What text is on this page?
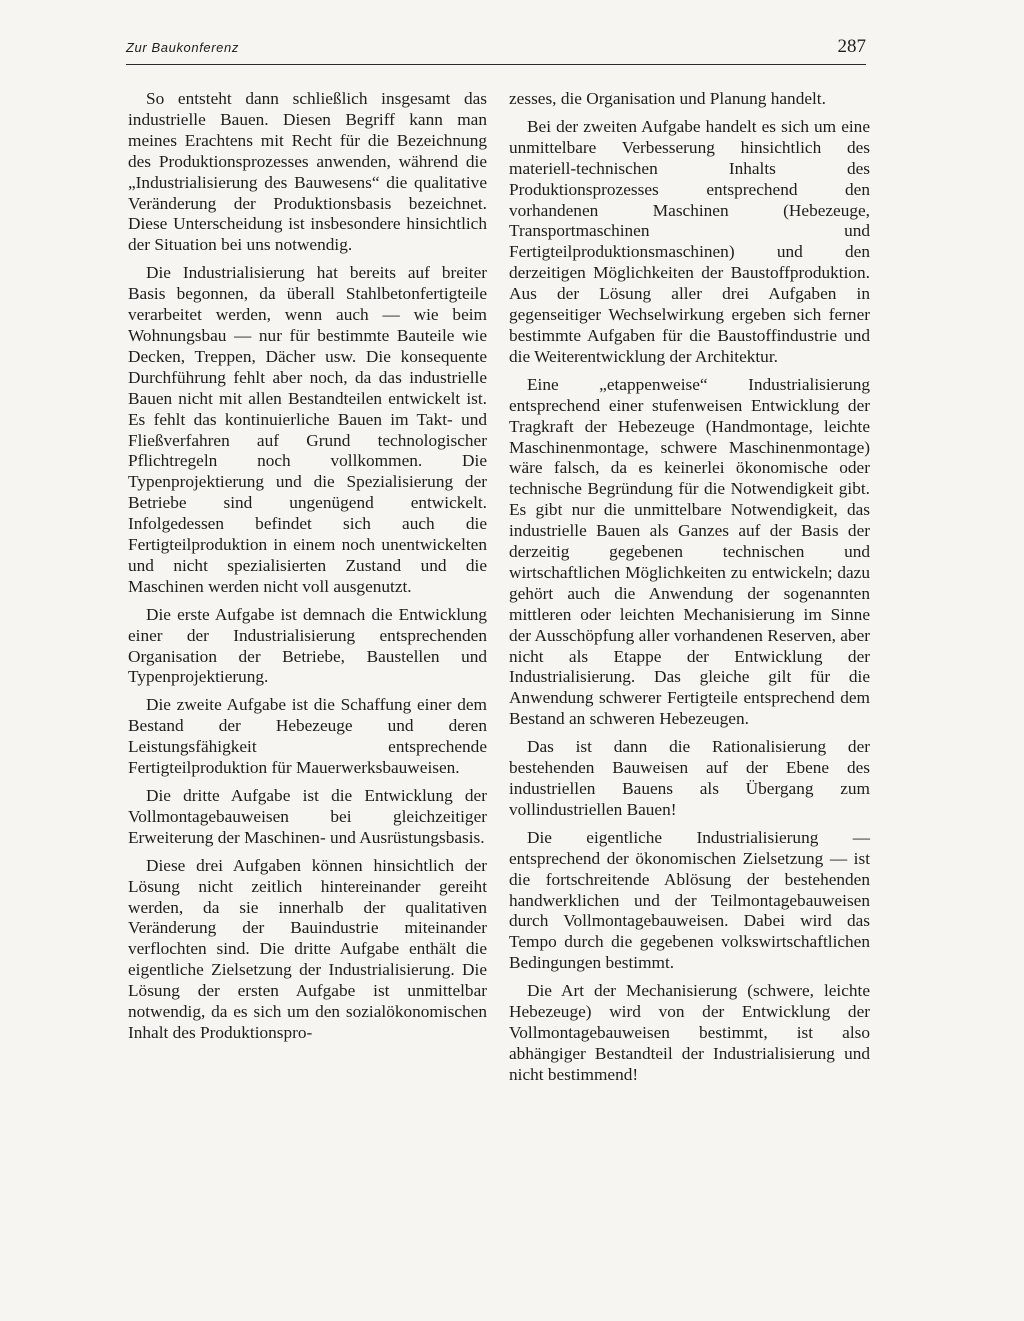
Zur Baukonferenz	287

So entsteht dann schließlich insgesamt das industrielle Bauen. Diesen Begriff kann man meines Erachtens mit Recht für die Bezeichnung des Produktionsprozesses anwenden, während die „Industrialisierung des Bauwesens“ die qualitative Veränderung der Produktionsbasis bezeichnet. Diese Unterscheidung ist insbesondere hinsichtlich der Situation bei uns notwendig.

Die Industrialisierung hat bereits auf breiter Basis begonnen, da überall Stahlbetonfertigteile verarbeitet werden, wenn auch — wie beim Wohnungsbau — nur für bestimmte Bauteile wie Decken, Treppen, Dächer usw. Die konsequente Durchführung fehlt aber noch, da das industrielle Bauen nicht mit allen Bestandteilen entwickelt ist. Es fehlt das kontinuierliche Bauen im Takt- und Fließverfahren auf Grund technologischer Pflichtregeln noch vollkommen. Die Typenprojektierung und die Spezialisierung der Betriebe sind ungenügend entwickelt. Infolgedessen befindet sich auch die Fertigteilproduktion in einem noch unentwickelten und nicht spezialisierten Zustand und die Maschinen werden nicht voll ausgenutzt.

Die erste Aufgabe ist demnach die Entwicklung einer der Industrialisierung entsprechenden Organisation der Betriebe, Baustellen und Typenprojektierung.

Die zweite Aufgabe ist die Schaffung einer dem Bestand der Hebezeuge und deren Leistungsfähigkeit entsprechende Fertigteilproduktion für Mauerwerksbauweisen.

Die dritte Aufgabe ist die Entwicklung der Vollmontagebauweisen bei gleichzeitiger Erweiterung der Maschinen- und Ausrüstungsbasis.

Diese drei Aufgaben können hinsichtlich der Lösung nicht zeitlich hintereinander gereiht werden, da sie innerhalb der qualitativen Veränderung der Bauindustrie miteinander verflochten sind. Die dritte Aufgabe enthält die eigentliche Zielsetzung der Industrialisierung. Die Lösung der ersten Aufgabe ist unmittelbar notwendig, da es sich um den sozialökonomischen Inhalt des Produktionspro-

zesses, die Organisation und Planung handelt.

Bei der zweiten Aufgabe handelt es sich um eine unmittelbare Verbesserung hinsichtlich des materiell-technischen Inhalts des Produktionsprozesses entsprechend den vorhandenen Maschinen (Hebezeuge, Transportmaschinen und Fertigteilproduktionsmaschinen) und den derzeitigen Möglichkeiten der Baustoffproduktion. Aus der Lösung aller drei Aufgaben in gegenseitiger Wechselwirkung ergeben sich ferner bestimmte Aufgaben für die Baustoffindustrie und die Weiterentwicklung der Architektur.

Eine „etappenweise“ Industrialisierung entsprechend einer stufenweisen Entwicklung der Tragkraft der Hebezeuge (Handmontage, leichte Maschinenmontage, schwere Maschinenmontage) wäre falsch, da es keinerlei ökonomische oder technische Begründung für die Notwendigkeit gibt. Es gibt nur die unmittelbare Notwendigkeit, das industrielle Bauen als Ganzes auf der Basis der derzeitig gegebenen technischen und wirtschaftlichen Möglichkeiten zu entwickeln; dazu gehört auch die Anwendung der sogenannten mittleren oder leichten Mechanisierung im Sinne der Ausschöpfung aller vorhandenen Reserven, aber nicht als Etappe der Entwicklung der Industrialisierung. Das gleiche gilt für die Anwendung schwerer Fertigteile entsprechend dem Bestand an schweren Hebezeugen.

Das ist dann die Rationalisierung der bestehenden Bauweisen auf der Ebene des industriellen Bauens als Übergang zum vollindustriellen Bauen!

Die eigentliche Industrialisierung — entsprechend der ökonomischen Zielsetzung — ist die fortschreitende Ablösung der bestehenden handwerklichen und der Teilmontagebauweisen durch Vollmontagebauweisen. Dabei wird das Tempo durch die gegebenen volkswirtschaftlichen Bedingungen bestimmt.

Die Art der Mechanisierung (schwere, leichte Hebezeuge) wird von der Entwicklung der Vollmontagebauweisen bestimmt, ist also abhängiger Bestandteil der Industrialisierung und nicht bestimmend!
